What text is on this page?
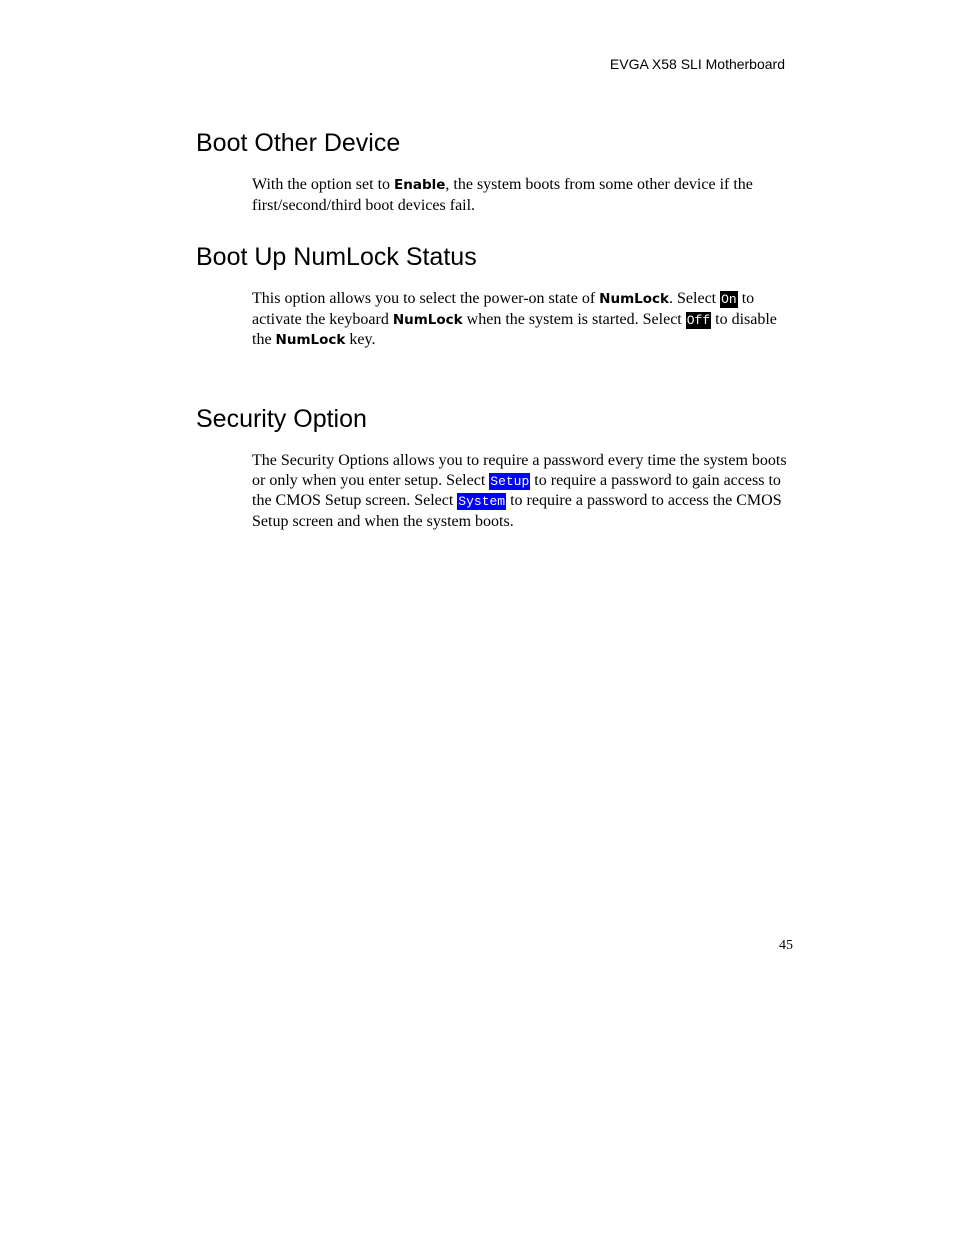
EVGA X58 SLI Motherboard
Boot Other Device

With the option set to Enable, the system boots from some other device if the first/second/third boot devices fail.

Boot Up NumLock Status

This option allows you to select the power-on state of NumLock. Select On to activate the keyboard NumLock when the system is started. Select Off to disable the NumLock key.

Security Option

The Security Options allows you to require a password every time the system boots or only when you enter setup. Select Setup to require a password to gain access to the CMOS Setup screen. Select System to require a password to access the CMOS Setup screen and when the system boots.

45
